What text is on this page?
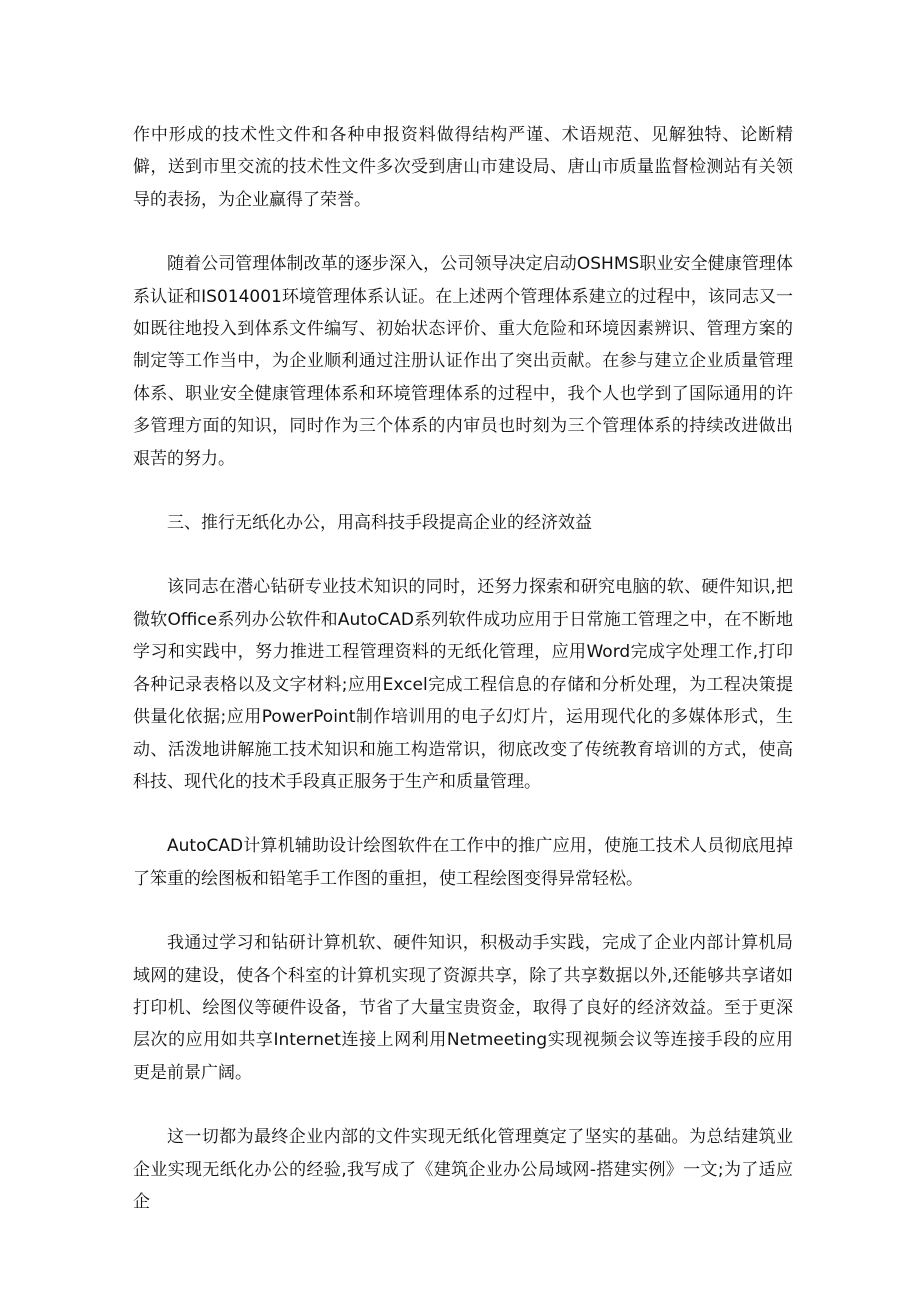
作中形成的技术性文件和各种申报资料做得结构严谨、术语规范、见解独特、论断精僻，送到市里交流的技术性文件多次受到唐山市建设局、唐山市质量监督检测站有关领导的表扬，为企业赢得了荣誉。

随着公司管理体制改革的逐步深入，公司领导决定启动OSHMS职业安全健康管理体系认证和IS014001环境管理体系认证。在上述两个管理体系建立的过程中，该同志又一如既往地投入到体系文件编写、初始状态评价、重大危险和环境因素辨识、管理方案的制定等工作当中，为企业顺利通过注册认证作出了突出贡献。在参与建立企业质量管理体系、职业安全健康管理体系和环境管理体系的过程中，我个人也学到了国际通用的许多管理方面的知识，同时作为三个体系的内审员也时刻为三个管理体系的持续改进做出艰苦的努力。

三、推行无纸化办公，用高科技手段提高企业的经济效益

该同志在潜心钻研专业技术知识的同时，还努力探索和研究电脑的软、硬件知识,把微软Office系列办公软件和AutoCAD系列软件成功应用于日常施工管理之中，在不断地学习和实践中，努力推进工程管理资料的无纸化管理，应用Word完成字处理工作,打印各种记录表格以及文字材料;应用Excel完成工程信息的存储和分析处理，为工程决策提供量化依据;应用PowerPoint制作培训用的电子幻灯片，运用现代化的多媒体形式，生动、活泼地讲解施工技术知识和施工构造常识，彻底改变了传统教育培训的方式，使高科技、现代化的技术手段真正服务于生产和质量管理。

AutoCAD计算机辅助设计绘图软件在工作中的推广应用，使施工技术人员彻底甩掉了笨重的绘图板和铅笔手工作图的重担，使工程绘图变得异常轻松。

我通过学习和钻研计算机软、硬件知识，积极动手实践，完成了企业内部计算机局域网的建设，使各个科室的计算机实现了资源共享，除了共享数据以外,还能够共享诸如打印机、绘图仪等硬件设备，节省了大量宝贵资金，取得了良好的经济效益。至于更深层次的应用如共享Internet连接上网利用Netmeeting实现视频会议等连接手段的应用更是前景广阔。

这一切都为最终企业内部的文件实现无纸化管理奠定了坚实的基础。为总结建筑业企业实现无纸化办公的经验,我写成了《建筑企业办公局域网-搭建实例》一文;为了适应企
